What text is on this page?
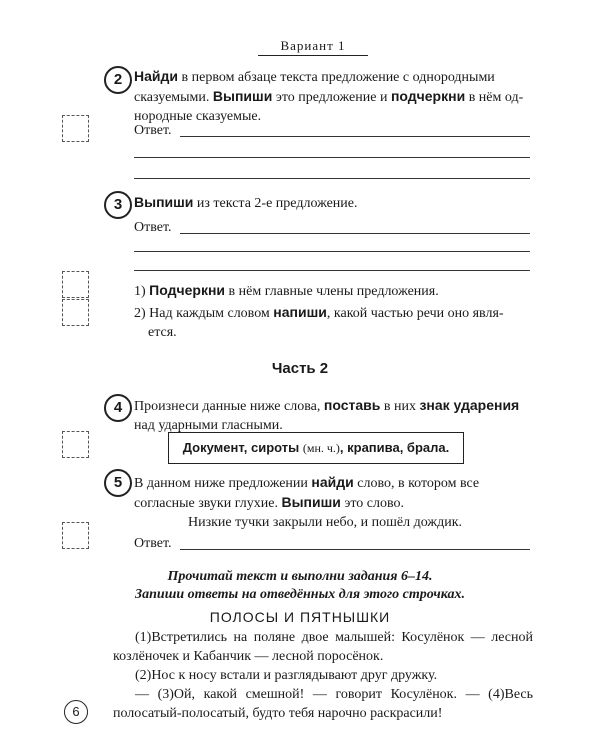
Вариант 1
2 Найди в первом абзаце текста предложение с однородными
сказуемыми. Выпиши это предложение и подчеркни в нём од-
нородные сказуемые.
Ответ.
3 Выпиши из текста 2-е предложение.
Ответ.
1) Подчеркни в нём главные члены предложения.
2) Над каждым словом напиши, какой частью речи оно явля-
ется.
Часть 2
4 Произнеси данные ниже слова, поставь в них знак ударения
над ударными гласными.
Документ, сироты (мн. ч.), крапива, брала.
5 В данном ниже предложении найди слово, в котором все
согласные звуки глухие. Выпиши это слово.
Низкие тучки закрыли небо, и пошёл дождик.
Ответ.
Прочитай текст и выполни задания 6–14.
Запиши ответы на отведённых для этого строчках.
ПОЛОСЫ И ПЯТНЫШКИ

(1)Встретились на поляне двое малышей: Косулёнок — лесной козлёночек и Кабанчик — лесной поросёнок.

(2)Нос к носу встали и разглядывают друг дружку.

— (3)Ой, какой смешной! — говорит Косулёнок. — (4)Весь полосатый-полосатый, будто тебя нарочно раскрасили!

6
